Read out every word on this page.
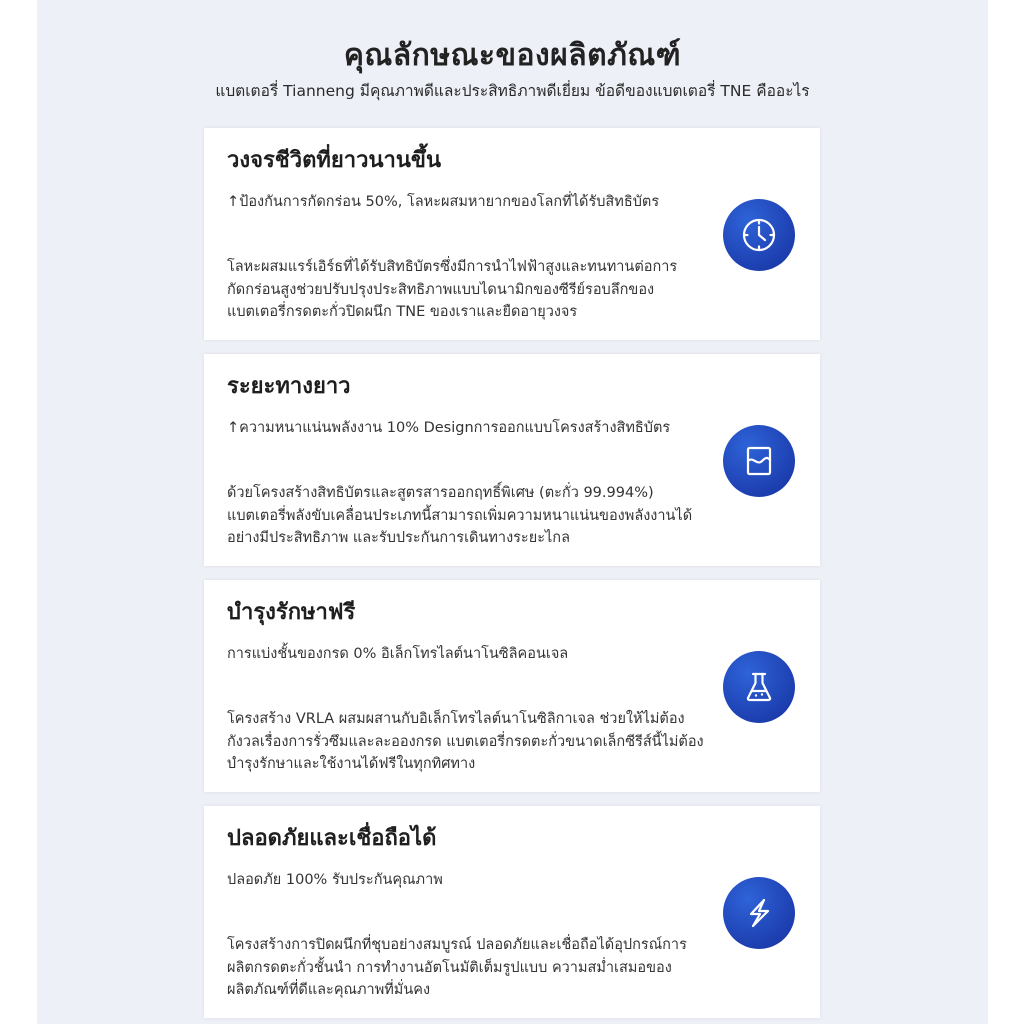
คุณลักษณะของผลิตภัณฑ์
แบตเตอรี่ Tianneng มีคุณภาพดีและประสิทธิภาพดีเยี่ยม ข้อดีของแบตเตอรี่ TNE คืออะไร
วงจรชีวิตที่ยาวนานขึ้น
↑ป้องกันการกัดกร่อน 50%, โลหะผสมหายากของโลกที่ได้รับสิทธิบัตร
โลหะผสมแรร์เอิร์ธที่ได้รับสิทธิบัตรซึ่งมีการนำไฟฟ้าสูงและทนทานต่อการกัดกร่อนสูงช่วยปรับปรุงประสิทธิภาพแบบไดนามิกของซีรีย์รอบลึกของแบตเตอรี่กรดตะกั่วปิดผนึก TNE ของเราและยืดอายุวงจร
ระยะทางยาว
↑ความหนาแน่นพลังงาน 10% Designการออกแบบโครงสร้างสิทธิบัตร
ด้วยโครงสร้างสิทธิบัตรและสูตรสารออกฤทธิ์พิเศษ (ตะกั่ว 99.994%) แบตเตอรี่พลังขับเคลื่อนประเภทนี้สามารถเพิ่มความหนาแน่นของพลังงานได้อย่างมีประสิทธิภาพ และรับประกันการเดินทางระยะไกล
บำรุงรักษาฟรี
การแบ่งชั้นของกรด 0% อิเล็กโทรไลต์นาโนซิลิคอนเจล
โครงสร้าง VRLA ผสมผสานกับอิเล็กโทรไลต์นาโนซิลิกาเจล ช่วยให้ไม่ต้องกังวลเรื่องการรั่วซึมและละอองกรด แบตเตอรี่กรดตะกั่วขนาดเล็กซีรีส์นี้ไม่ต้องบำรุงรักษาและใช้งานได้ฟรีในทุกทิศทาง
ปลอดภัยและเชื่อถือได้
ปลอดภัย 100% รับประกันคุณภาพ
โครงสร้างการปิดผนึกที่ชุบอย่างสมบูรณ์ ปลอดภัยและเชื่อถือได้อุปกรณ์การผลิตกรดตะกั่วชั้นนำ การทำงานอัตโนมัติเต็มรูปแบบ ความสม่ำเสมอของผลิตภัณฑ์ที่ดีและคุณภาพที่มั่นคง
